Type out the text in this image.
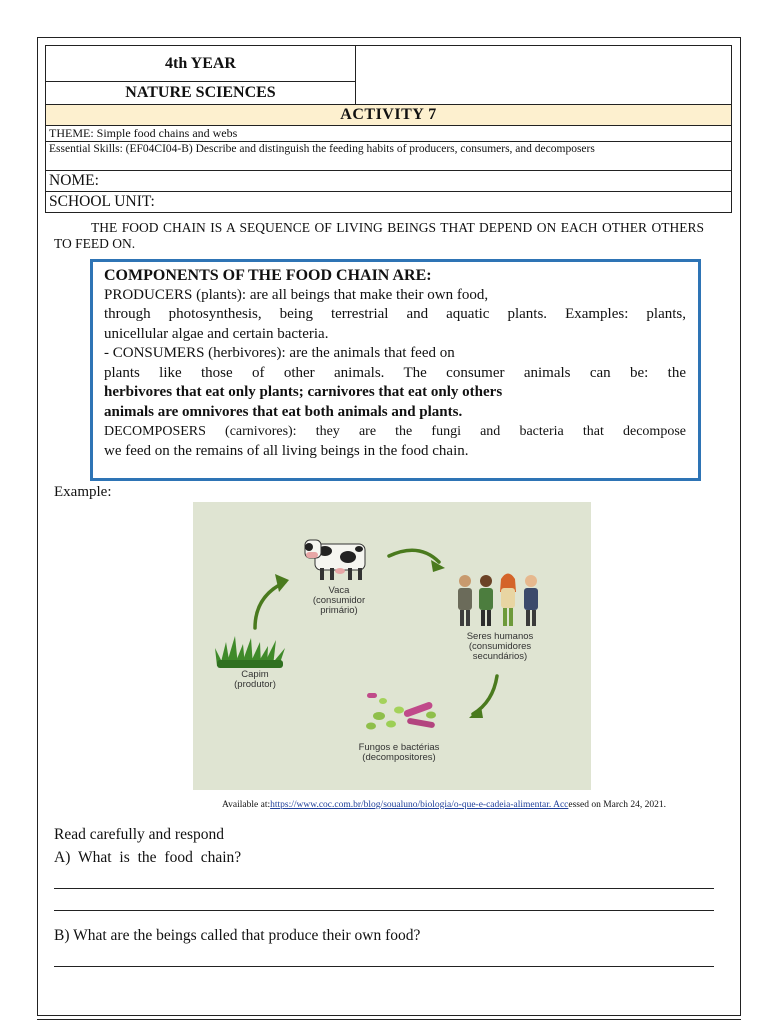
4th YEAR
NATURE SCIENCES
ACTIVITY 7
THEME: Simple food chains and webs
Essential Skills: (EF04CI04-B) Describe and distinguish the feeding habits of producers, consumers, and decomposers
NOME:
SCHOOL UNIT:

THE FOOD CHAIN IS A SEQUENCE OF LIVING BEINGS THAT DEPEND ON EACH OTHER OTHERS TO FEED ON.

COMPONENTS OF THE FOOD CHAIN ARE:
PRODUCERS (plants): are all beings that make their own food,
through photosynthesis, being terrestrial and aquatic plants. Examples: plants,
unicellular algae and certain bacteria.
- CONSUMERS (herbivores): are the animals that feed on
plants like those of other animals. The consumer animals can be: the
herbivores that eat only plants; carnivores that eat only others
animals are omnivores that eat both animals and plants.
DECOMPOSERS (carnivores): they are the fungi and bacteria that decompose
we feed on the remains of all living beings in the food chain.
Example:
Vaca
(consumidor
primário)
Seres humanos
(consumidores
secundários)
Capim
(produtor)
Fungos e bactérias
(decompositores)
Available at:https://www.coc.com.br/blog/soualuno/biologia/o-que-e-cadeia-alimentar. Accessed on March 24, 2021.
Read carefully and respond
A) What is the food chain?
B) What are the beings called that produce their own food?
